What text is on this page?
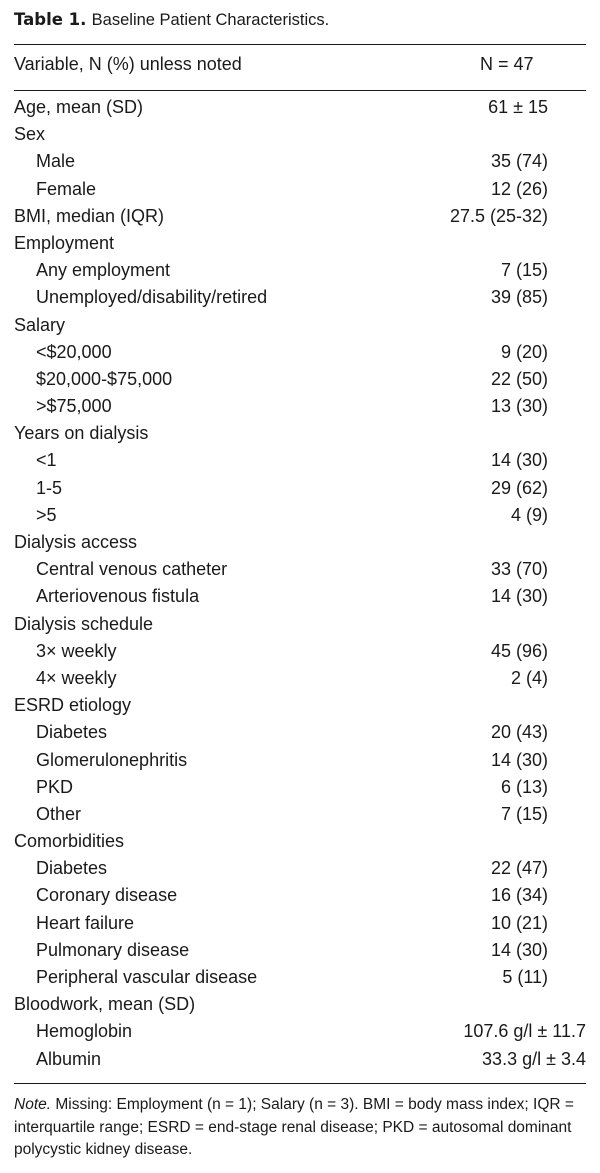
Table 1. Baseline Patient Characteristics.
Variable, N (%) unless noted	N = 47
Age, mean (SD)	61 ± 15
Sex
Male	35 (74)
Female	12 (26)
BMI, median (IQR)	27.5 (25-32)
Employment
Any employment	7 (15)
Unemployed/disability/retired	39 (85)
Salary
<$20,000	9 (20)
$20,000-$75,000	22 (50)
>$75,000	13 (30)
Years on dialysis
<1	14 (30)
1-5	29 (62)
>5	4 (9)
Dialysis access
Central venous catheter	33 (70)
Arteriovenous fistula	14 (30)
Dialysis schedule
3× weekly	45 (96)
4× weekly	2 (4)
ESRD etiology
Diabetes	20 (43)
Glomerulonephritis	14 (30)
PKD	6 (13)
Other	7 (15)
Comorbidities
Diabetes	22 (47)
Coronary disease	16 (34)
Heart failure	10 (21)
Pulmonary disease	14 (30)
Peripheral vascular disease	5 (11)
Bloodwork, mean (SD)
Hemoglobin	107.6 g/l ± 11.7
Albumin	33.3 g/l ± 3.4
Note. Missing: Employment (n = 1); Salary (n = 3). BMI = body mass index; IQR = interquartile range; ESRD = end-stage renal disease; PKD = autosomal dominant polycystic kidney disease.
